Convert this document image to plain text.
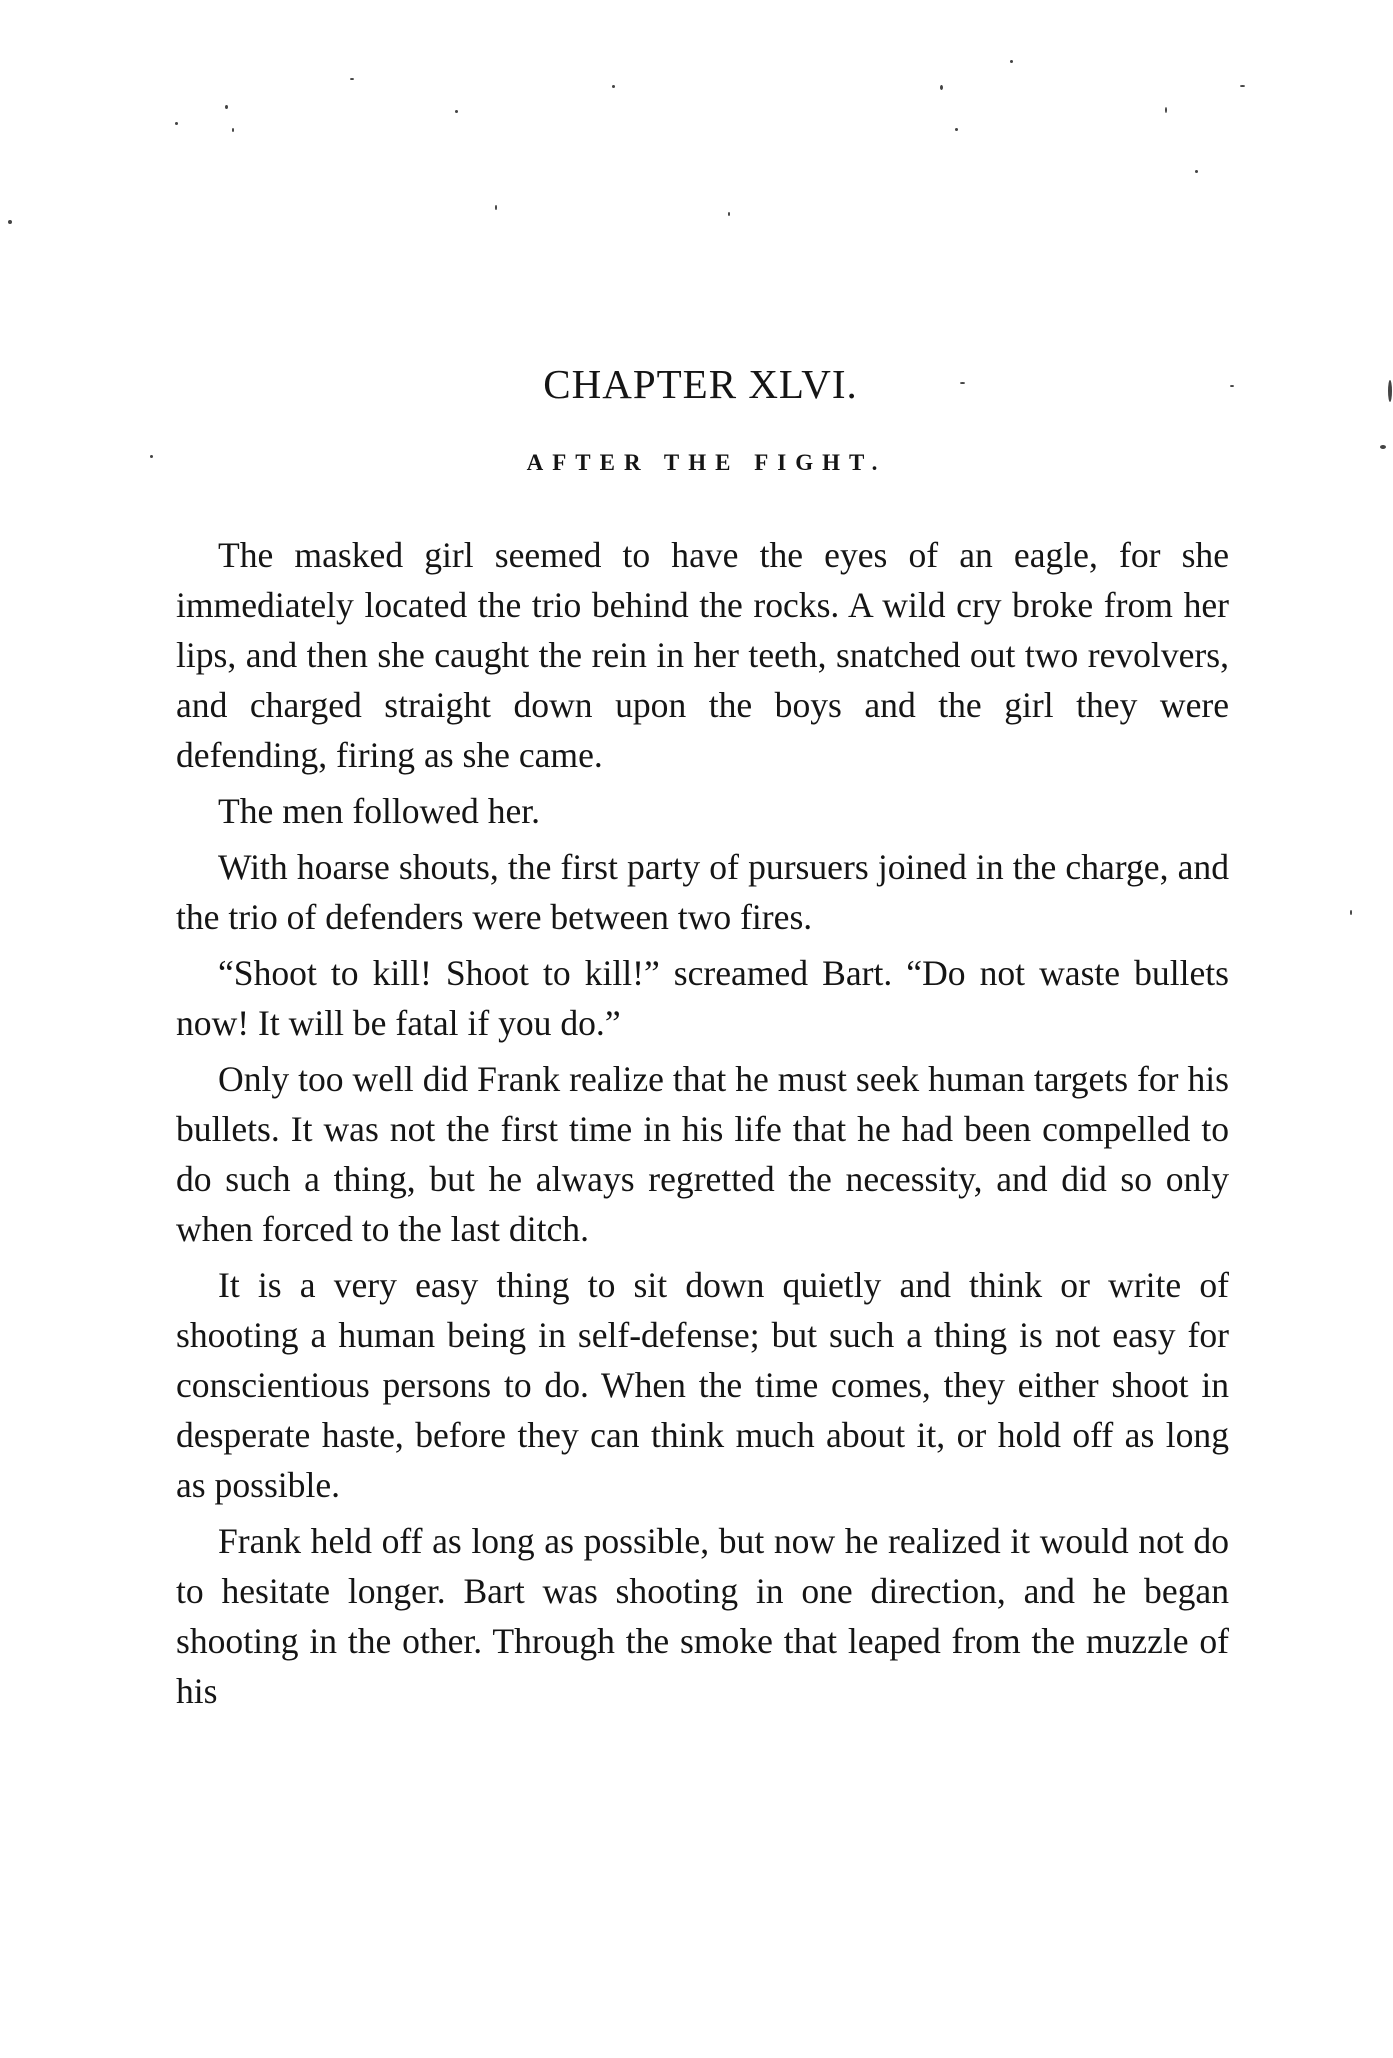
CHAPTER XLVI.
AFTER THE FIGHT.

The masked girl seemed to have the eyes of an eagle, for she immediately located the trio behind the rocks. A wild cry broke from her lips, and then she caught the rein in her teeth, snatched out two revolvers, and charged straight down upon the boys and the girl they were defending, firing as she came.

The men followed her.

With hoarse shouts, the first party of pursuers joined in the charge, and the trio of defenders were between two fires.

“Shoot to kill! Shoot to kill!” screamed Bart. “Do not waste bullets now! It will be fatal if you do.”

Only too well did Frank realize that he must seek human targets for his bullets. It was not the first time in his life that he had been compelled to do such a thing, but he always regretted the necessity, and did so only when forced to the last ditch.

It is a very easy thing to sit down quietly and think or write of shooting a human being in self-defense; but such a thing is not easy for conscientious persons to do. When the time comes, they either shoot in desperate haste, before they can think much about it, or hold off as long as possible.

Frank held off as long as possible, but now he realized it would not do to hesitate longer. Bart was shooting in one direction, and he began shooting in the other. Through the smoke that leaped from the muzzle of his
